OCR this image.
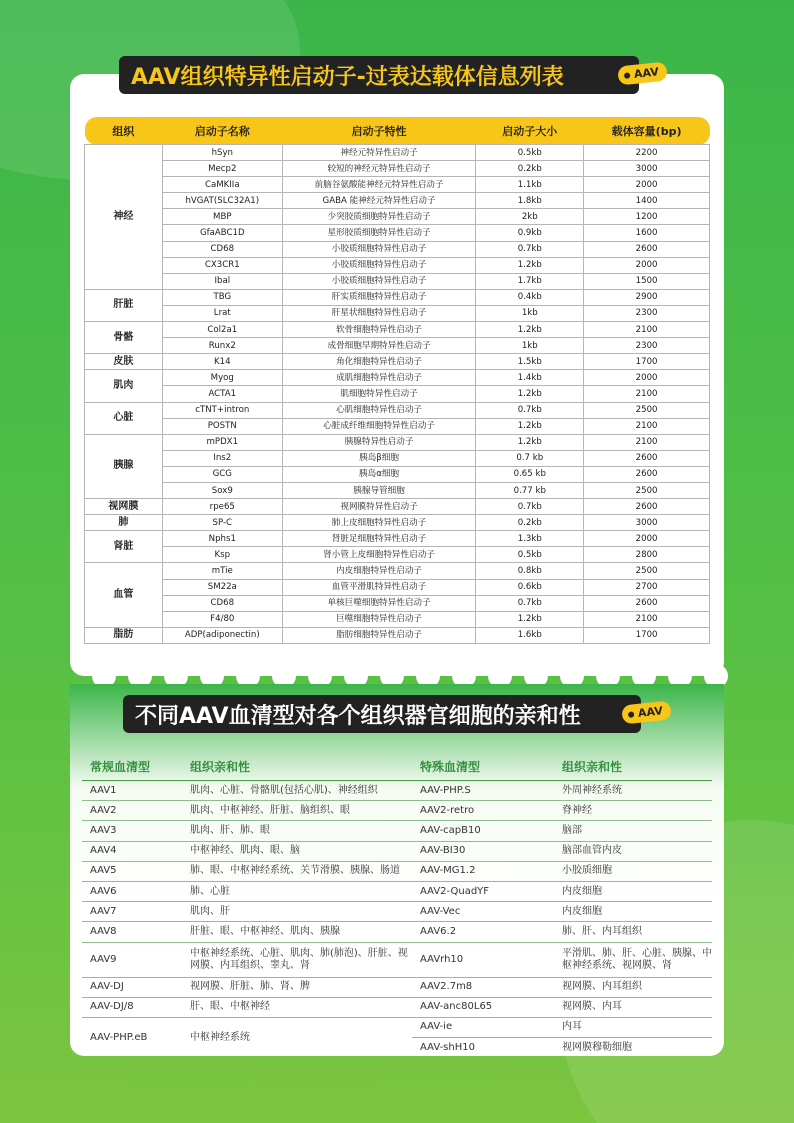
AAV组织特异性启动子-过表达载体信息列表	AAV
组织	启动子名称	启动子特性	启动子大小	载体容量(bp)
神经	hSyn	神经元特异性启动子	0.5kb	2200
	Mecp2	较短的神经元特异性启动子	0.2kb	3000
	CaMKIIa	前脑谷氨酸能神经元特异性启动子	1.1kb	2000
	hVGAT(SLC32A1)	GABA 能神经元特异性启动子	1.8kb	1400
	MBP	少突胶质细胞特异性启动子	2kb	1200
	GfaABC1D	星形胶质细胞特异性启动子	0.9kb	1600
	CD68	小胶质细胞特异性启动子	0.7kb	2600
	CX3CR1	小胶质细胞特异性启动子	1.2kb	2000
	Ibal	小胶质细胞特异性启动子	1.7kb	1500
肝脏	TBG	肝实质细胞特异性启动子	0.4kb	2900
	Lrat	肝星状细胞特异性启动子	1kb	2300
骨骼	Col2a1	软骨细胞特异性启动子	1.2kb	2100
	Runx2	成骨细胞早期特异性启动子	1kb	2300
皮肤	K14	角化细胞特异性启动子	1.5kb	1700
肌肉	Myog	成肌细胞特异性启动子	1.4kb	2000
	ACTA1	肌细胞特异性启动子	1.2kb	2100
心脏	cTNT+intron	心肌细胞特异性启动子	0.7kb	2500
	POSTN	心脏成纤维细胞特异性启动子	1.2kb	2100
胰腺	mPDX1	胰腺特异性启动子	1.2kb	2100
	Ins2	胰岛β细胞	0.7 kb	2600
	GCG	胰岛α细胞	0.65 kb	2600
	Sox9	胰腺导管细胞	0.77 kb	2500
视网膜	rpe65	视网膜特异性启动子	0.7kb	2600
肺	SP-C	肺上皮细胞特异性启动子	0.2kb	3000
肾脏	Nphs1	肾脏足细胞特异性启动子	1.3kb	2000
	Ksp	肾小管上皮细胞特异性启动子	0.5kb	2800
血管	mTie	内皮细胞特异性启动子	0.8kb	2500
	SM22a	血管平滑肌特异性启动子	0.6kb	2700
	CD68	单核巨噬细胞特异性启动子	0.7kb	2600
	F4/80	巨噬细胞特异性启动子	1.2kb	2100
脂肪	ADP(adiponectin)	脂肪细胞特异性启动子	1.6kb	1700
不同AAV血清型对各个组织器官细胞的亲和性	AAV
常规血清型	组织亲和性	特殊血清型	组织亲和性
AAV1	肌肉、心脏、骨骼肌(包括心肌)、神经组织	AAV-PHP.S	外周神经系统
AAV2	肌肉、中枢神经、肝脏、脑组织、眼	AAV2-retro	脊神经
AAV3	肌肉、肝、肺、眼	AAV-capB10	脑部
AAV4	中枢神经、肌肉、眼、脑	AAV-BI30	脑部血管内皮
AAV5	肺、眼、中枢神经系统、关节滑膜、胰腺、肠道	AAV-MG1.2	小胶质细胞
AAV6	肺、心脏	AAV2-QuadYF	内皮细胞
AAV7	肌肉、肝	AAV-Vec	内皮细胞
AAV8	肝脏、眼、中枢神经、肌肉、胰腺	AAV6.2	肺、肝、内耳组织
AAV9	中枢神经系统、心脏、肌肉、肺(肺泡)、肝脏、视网膜、内耳组织、睾丸、肾	AAVrh10	平滑肌、肺、肝、心脏、胰腺、中枢神经系统、视网膜、肾
AAV-DJ	视网膜、肝脏、肺、肾、脾	AAV2.7m8	视网膜、内耳组织
AAV-DJ/8	肝、眼、中枢神经	AAV-anc80L65	视网膜、内耳
AAV-PHP.eB	中枢神经系统	AAV-ie	内耳
		AAV-shH10	视网膜穆勒细胞
